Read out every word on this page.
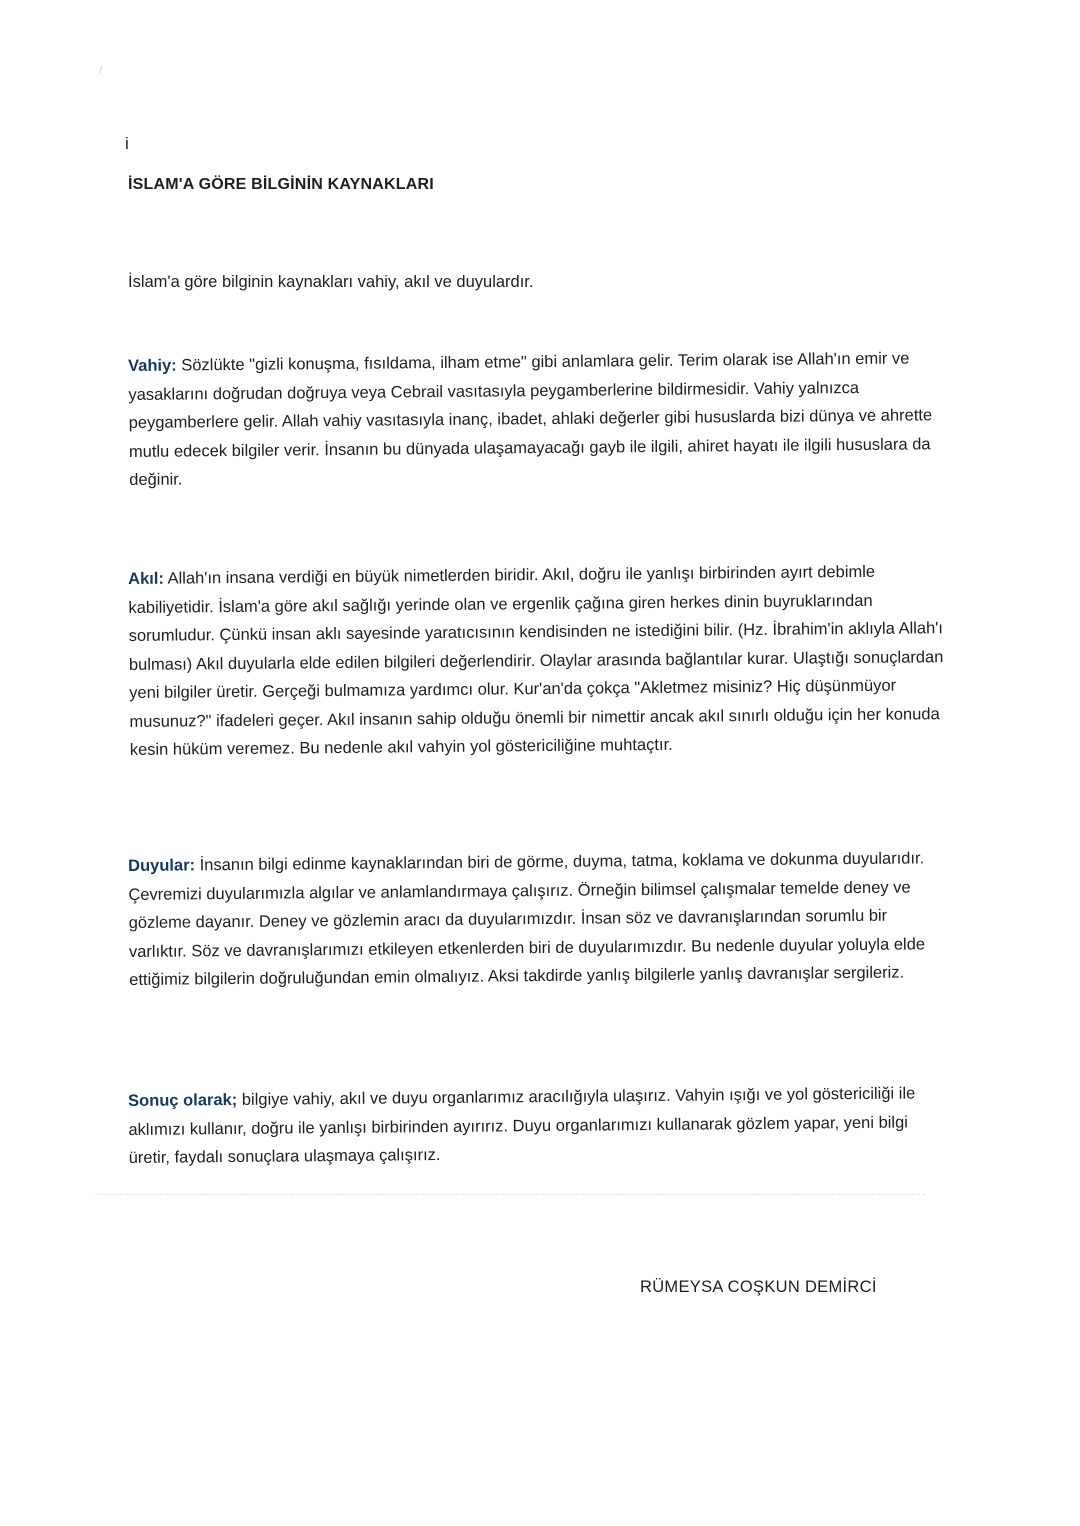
i
İSLAM'A GÖRE BİLGİNİN KAYNAKLARI

İslam'a göre bilginin kaynakları vahiy, akıl ve duyulardır.

Vahiy: Sözlükte "gizli konuşma, fısıldama, ilham etme" gibi anlamlara gelir. Terim olarak ise Allah'ın emir ve yasaklarını doğrudan doğruya veya Cebrail vasıtasıyla peygamberlerine bildirmesidir. Vahiy yalnızca peygamberlere gelir. Allah vahiy vasıtasıyla inanç, ibadet, ahlaki değerler gibi hususlarda bizi dünya ve ahrette mutlu edecek bilgiler verir. İnsanın bu dünyada ulaşamayacağı gayb ile ilgili, ahiret hayatı ile ilgili hususlara da değinir.

Akıl: Allah'ın insana verdiği en büyük nimetlerden biridir. Akıl, doğru ile yanlışı birbirinden ayırt debimle kabiliyetidir. İslam'a göre akıl sağlığı yerinde olan ve ergenlik çağına giren herkes dinin buyruklarından sorumludur. Çünkü insan aklı sayesinde yaratıcısının kendisinden ne istediğini bilir. (Hz. İbrahim'in aklıyla Allah'ı bulması) Akıl duyularla elde edilen bilgileri değerlendirir. Olaylar arasında bağlantılar kurar. Ulaştığı sonuçlardan yeni bilgiler üretir. Gerçeği bulmamıza yardımcı olur. Kur'an'da çokça "Akletmez misiniz? Hiç düşünmüyor musunuz?" ifadeleri geçer. Akıl insanın sahip olduğu önemli bir nimettir ancak akıl sınırlı olduğu için her konuda kesin hüküm veremez. Bu nedenle akıl vahyin yol göstericiliğine muhtaçtır.

Duyular: İnsanın bilgi edinme kaynaklarından biri de görme, duyma, tatma, koklama ve dokunma duyularıdır. Çevremizi duyularımızla algılar ve anlamlandırmaya çalışırız. Örneğin bilimsel çalışmalar temelde deney ve gözleme dayanır. Deney ve gözlemin aracı da duyularımızdır. İnsan söz ve davranışlarından sorumlu bir varlıktır. Söz ve davranışlarımızı etkileyen etkenlerden biri de duyularımızdır. Bu nedenle duyular yoluyla elde ettiğimiz bilgilerin doğruluğundan emin olmalıyız. Aksi takdirde yanlış bilgilerle yanlış davranışlar sergileriz.

Sonuç olarak; bilgiye vahiy, akıl ve duyu organlarımız aracılığıyla ulaşırız. Vahyin ışığı ve yol göstericiliği ile aklımızı kullanır, doğru ile yanlışı birbirinden ayırırız. Duyu organlarımızı kullanarak gözlem yapar, yeni bilgi üretir, faydalı sonuçlara ulaşmaya çalışırız.

RÜMEYSA COŞKUN DEMİRCİ
